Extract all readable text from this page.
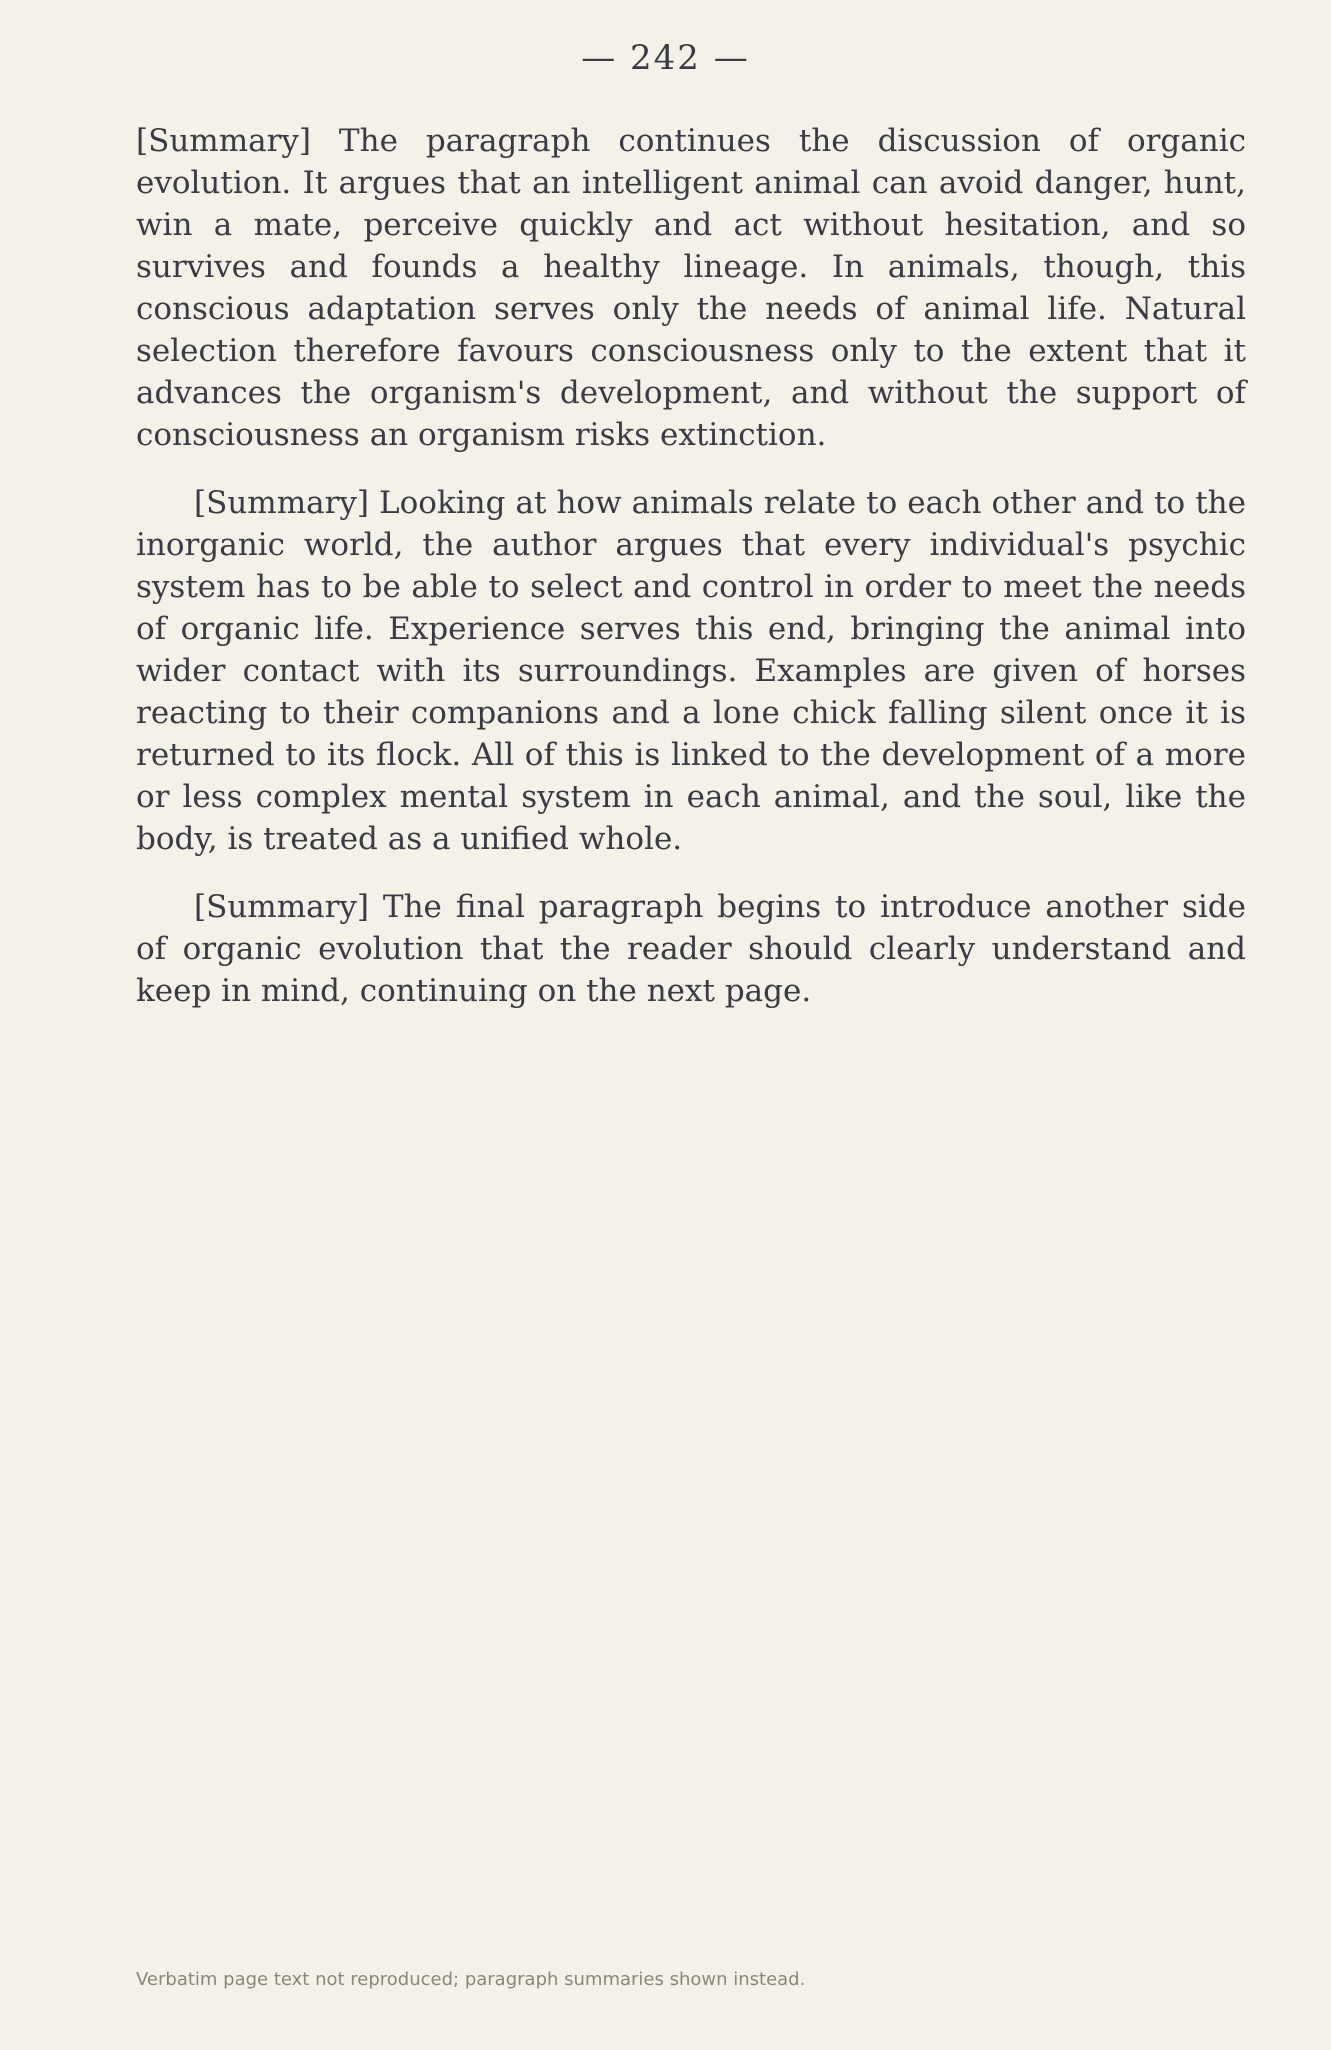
— 242 —

[Summary] The paragraph continues the discussion of organic evolution. It argues that an intelligent animal can avoid danger, hunt, win a mate, perceive quickly and act without hesitation, and so survives and founds a healthy lineage. In animals, though, this conscious adaptation serves only the needs of animal life. Natural selection therefore favours consciousness only to the extent that it advances the organism's development, and without the support of consciousness an organism risks extinction.

[Summary] Looking at how animals relate to each other and to the inorganic world, the author argues that every individual's psychic system has to be able to select and control in order to meet the needs of organic life. Experience serves this end, bringing the animal into wider contact with its surroundings. Examples are given of horses reacting to their companions and a lone chick falling silent once it is returned to its flock. All of this is linked to the development of a more or less complex mental system in each animal, and the soul, like the body, is treated as a unified whole.

[Summary] The final paragraph begins to introduce another side of organic evolution that the reader should clearly understand and keep in mind, continuing on the next page.

Verbatim page text not reproduced; paragraph summaries shown instead.
